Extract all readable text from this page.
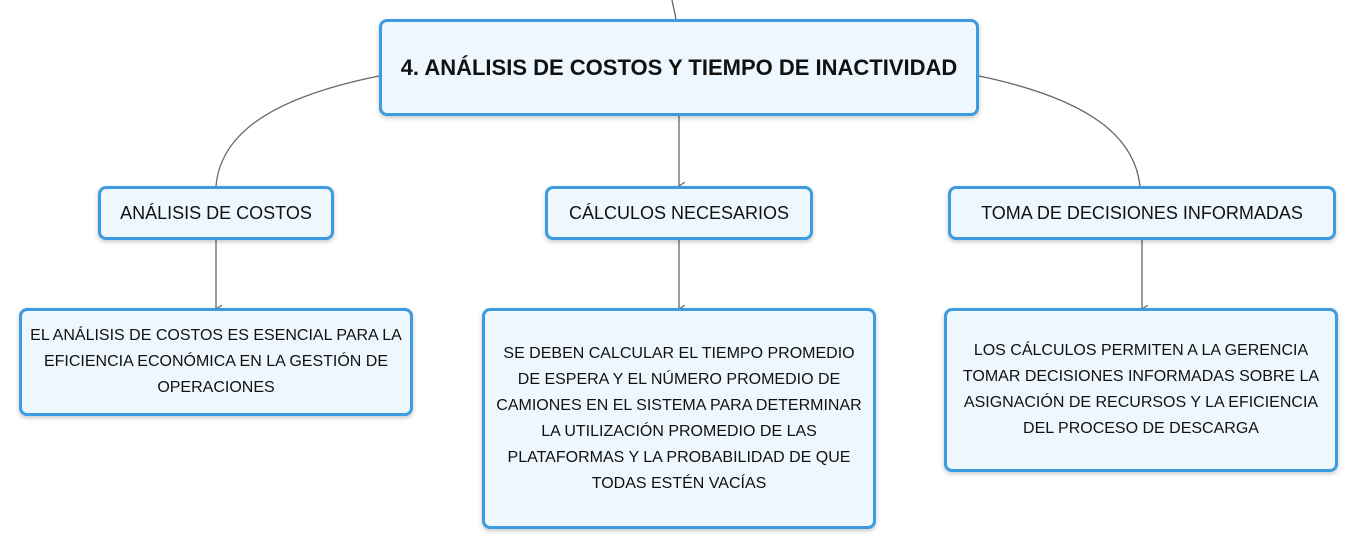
4. ANÁLISIS DE COSTOS Y TIEMPO DE INACTIVIDAD
ANÁLISIS DE COSTOS	CÁLCULOS NECESARIOS	TOMA DE DECISIONES INFORMADAS
EL ANÁLISIS DE COSTOS ES ESENCIAL PARA LA EFICIENCIA ECONÓMICA EN LA GESTIÓN DE OPERACIONES
SE DEBEN CALCULAR EL TIEMPO PROMEDIO DE ESPERA Y EL NÚMERO PROMEDIO DE CAMIONES EN EL SISTEMA PARA DETERMINAR LA UTILIZACIÓN PROMEDIO DE LAS PLATAFORMAS Y LA PROBABILIDAD DE QUE TODAS ESTÉN VACÍAS
LOS CÁLCULOS PERMITEN A LA GERENCIA TOMAR DECISIONES INFORMADAS SOBRE LA ASIGNACIÓN DE RECURSOS Y LA EFICIENCIA DEL PROCESO DE DESCARGA
